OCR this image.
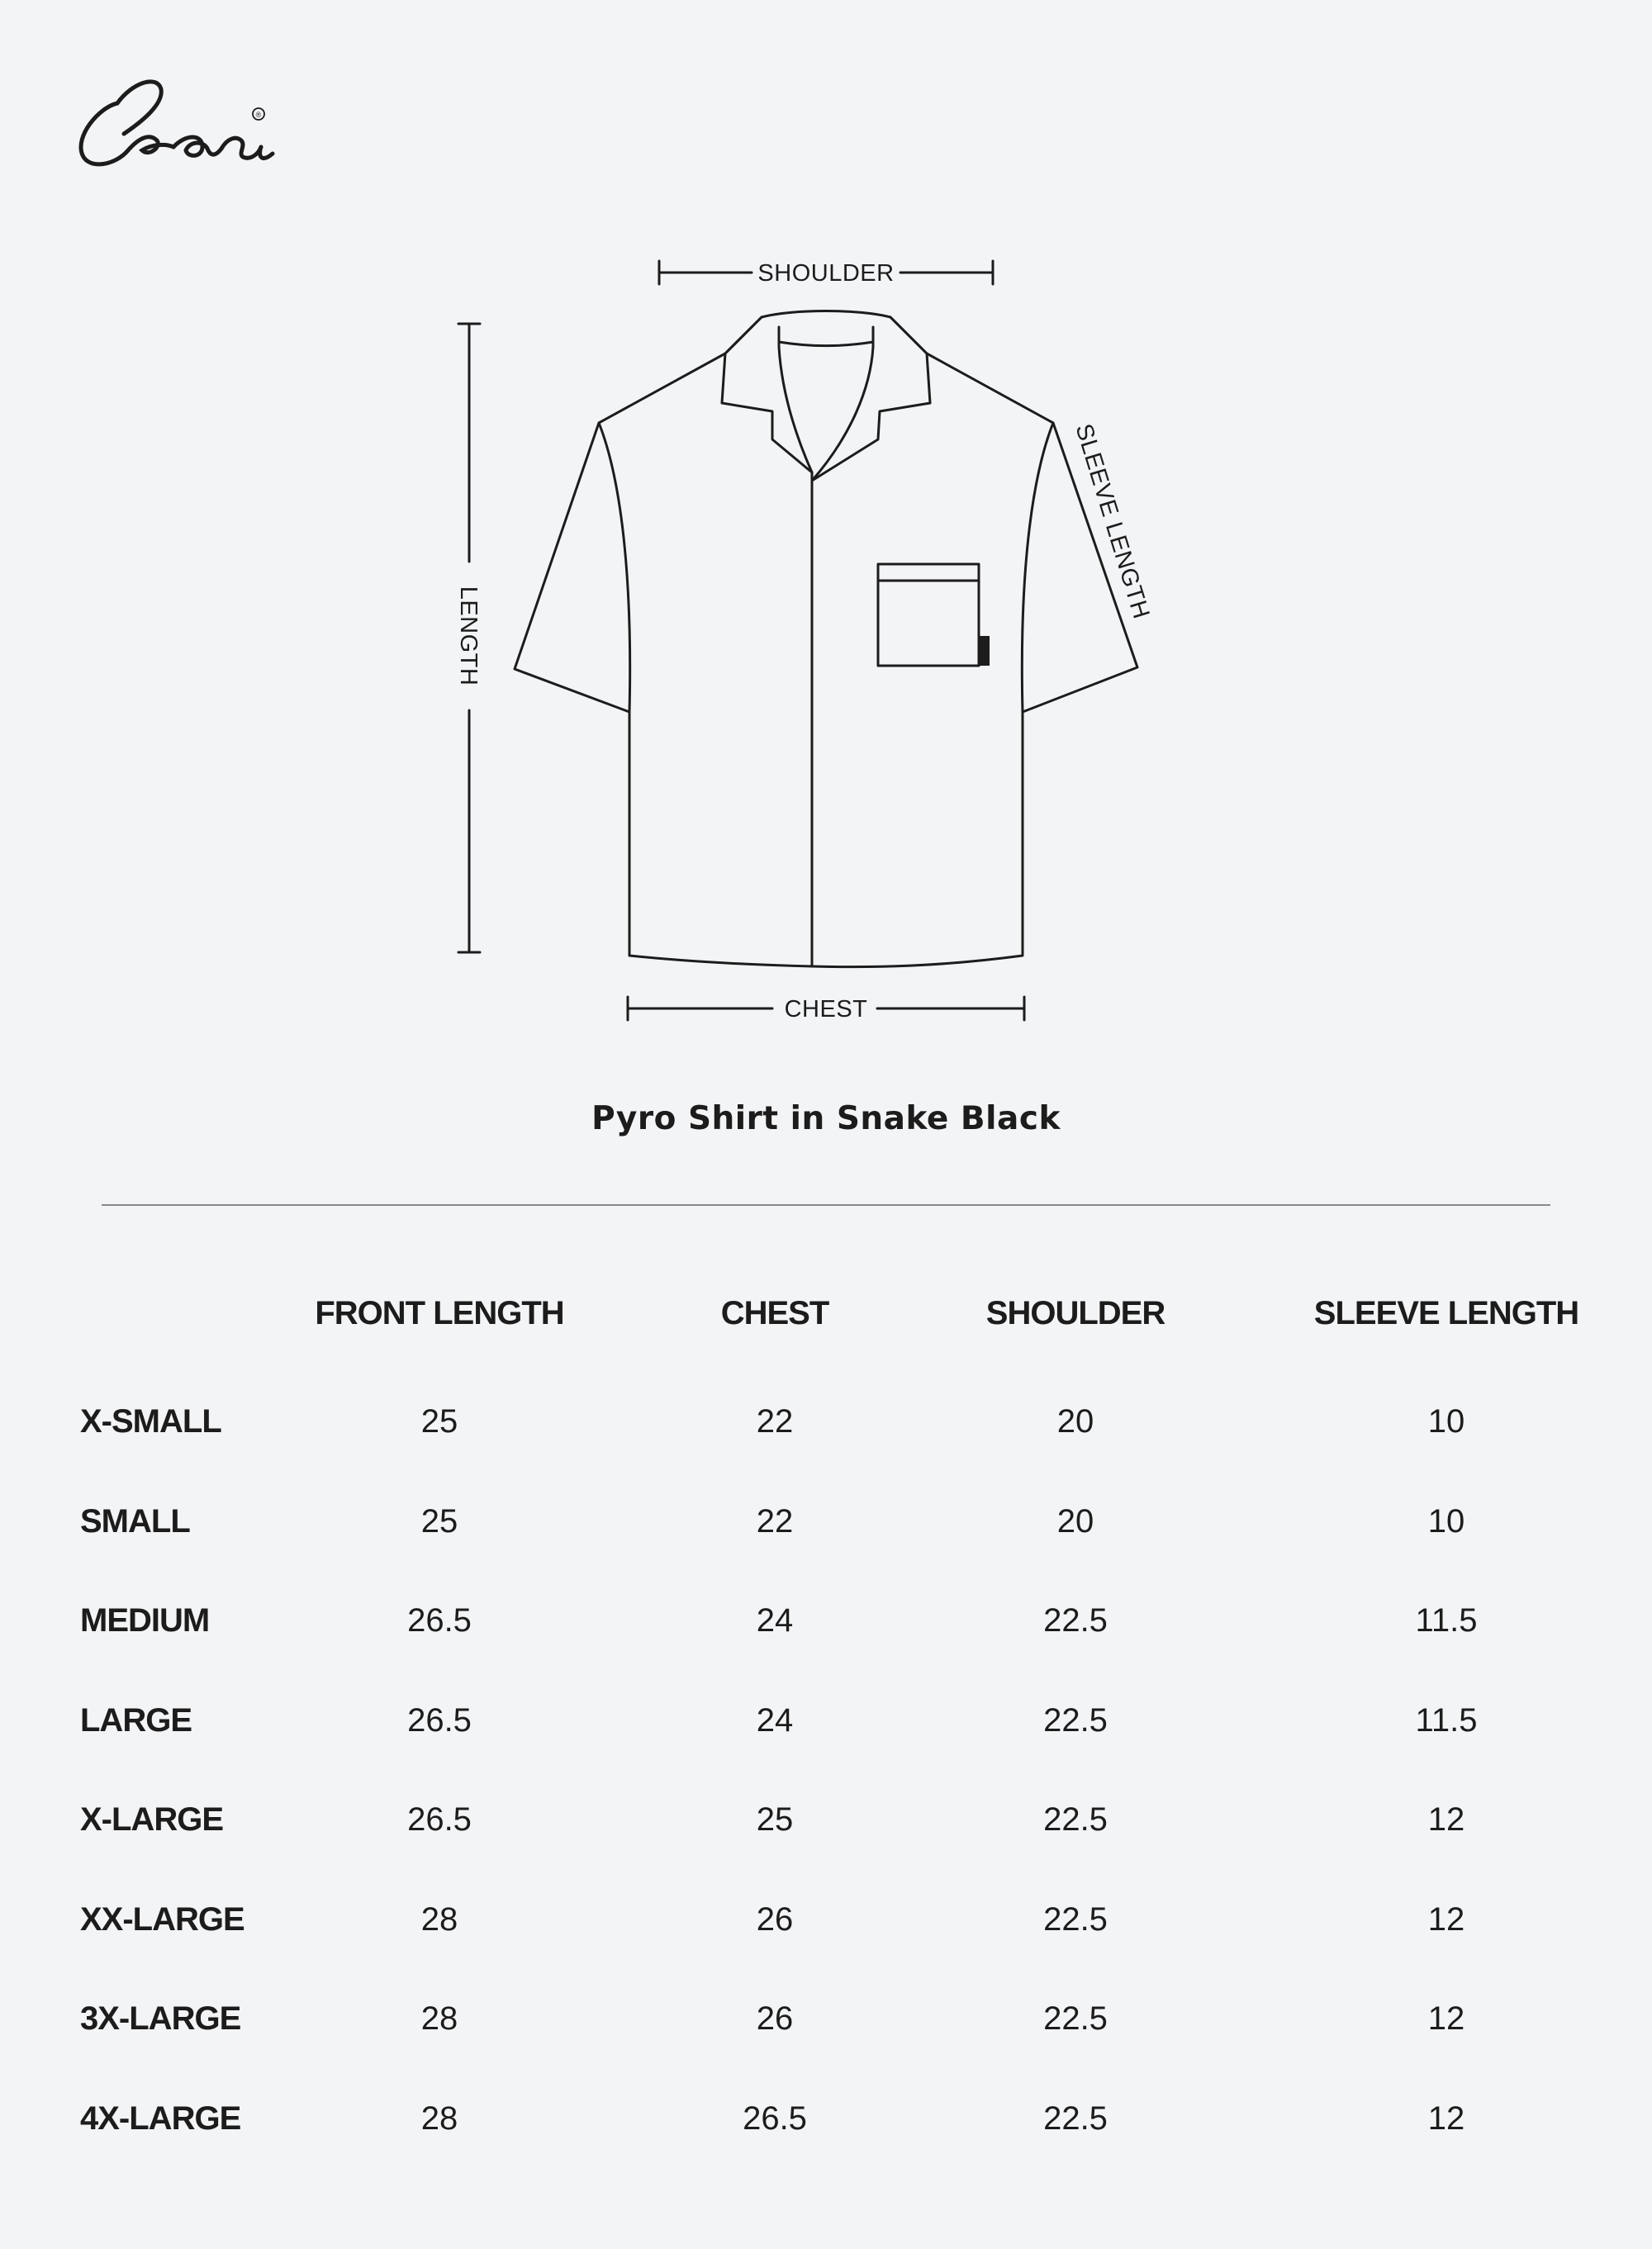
®
SHOULDER
LENGTH
SLEEVE LENGTH
CHEST
Pyro Shirt in Snake Black
FRONT LENGTH	CHEST	SHOULDER	SLEEVE LENGTH
X-SMALL	25	22	20	10
SMALL	25	22	20	10
MEDIUM	26.5	24	22.5	11.5
LARGE	26.5	24	22.5	11.5
X-LARGE	26.5	25	22.5	12
XX-LARGE	28	26	22.5	12
3X-LARGE	28	26	22.5	12
4X-LARGE	28	26.5	22.5	12
